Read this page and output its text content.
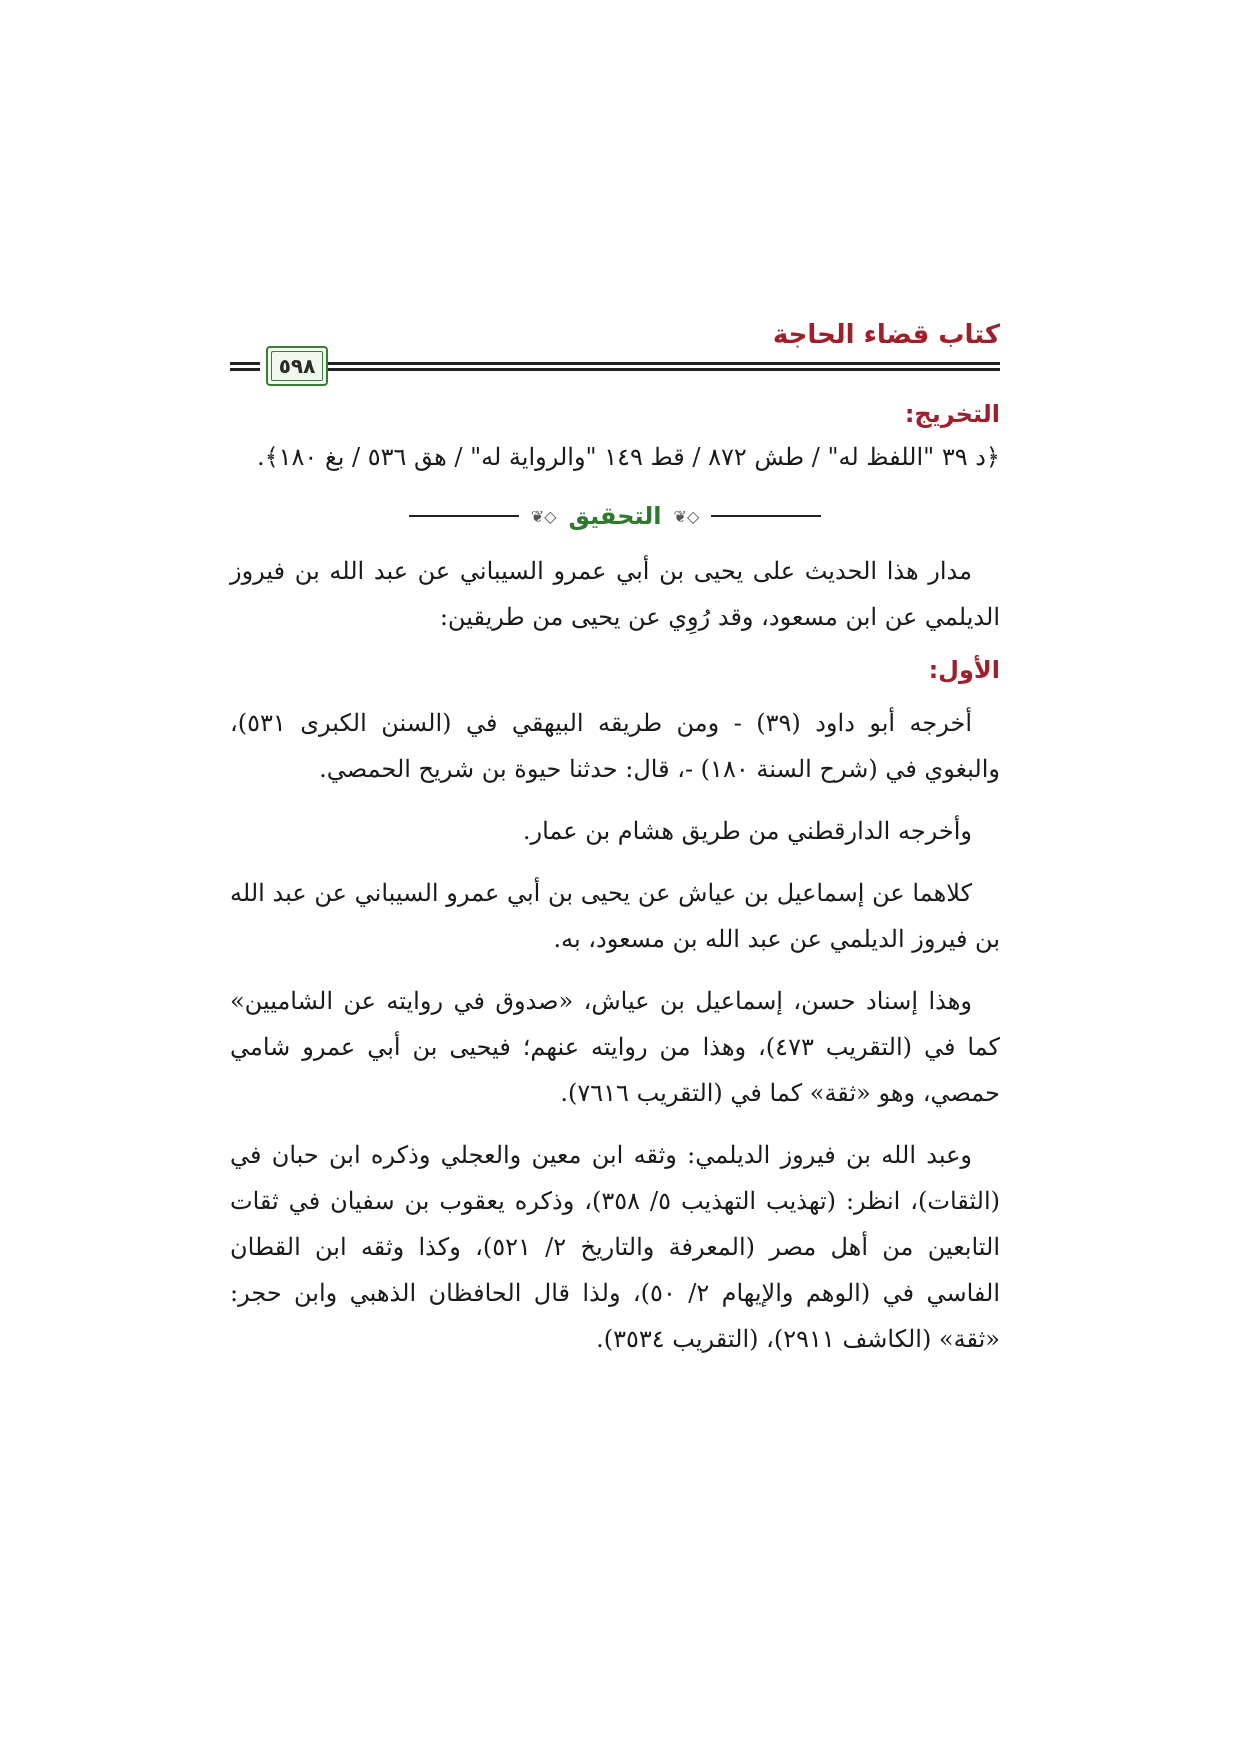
كتاب قضاء الحاجة
٥٩٨
التخريج:
﴿د ٣٩ "اللفظ له" / طش ٨٧٢ / قط ١٤٩ "والرواية له" / هق ٥٣٦ / بغ ١٨٠﴾.
◇❦
التحقيق
◇❦

مدار هذا الحديث على يحيى بن أبي عمرو السيباني عن عبد الله بن فيروز الديلمي عن ابن مسعود، وقد رُوِي عن يحيى من طريقين:

الأول:

أخرجه أبو داود (٣٩) - ومن طريقه البيهقي في (السنن الكبرى ٥٣١)، والبغوي في (شرح السنة ١٨٠) -، قال: حدثنا حيوة بن شريح الحمصي.

وأخرجه الدارقطني من طريق هشام بن عمار.

كلاهما عن إسماعيل بن عياش عن يحيى بن أبي عمرو السيباني عن عبد الله بن فيروز الديلمي عن عبد الله بن مسعود، به.

وهذا إسناد حسن، إسماعيل بن عياش، «صدوق في روايته عن الشاميين» كما في (التقريب ٤٧٣)، وهذا من روايته عنهم؛ فيحيى بن أبي عمرو شامي حمصي، وهو «ثقة» كما في (التقريب ٧٦١٦).

وعبد الله بن فيروز الديلمي: وثقه ابن معين والعجلي وذكره ابن حبان في (الثقات)، انظر: (تهذيب التهذيب ٥/ ٣٥٨)، وذكره يعقوب بن سفيان في ثقات التابعين من أهل مصر (المعرفة والتاريخ ٢/ ٥٢١)، وكذا وثقه ابن القطان الفاسي في (الوهم والإيهام ٢/ ٥٠)، ولذا قال الحافظان الذهبي وابن حجر: «ثقة» (الكاشف ٢٩١١)، (التقريب ٣٥٣٤).
